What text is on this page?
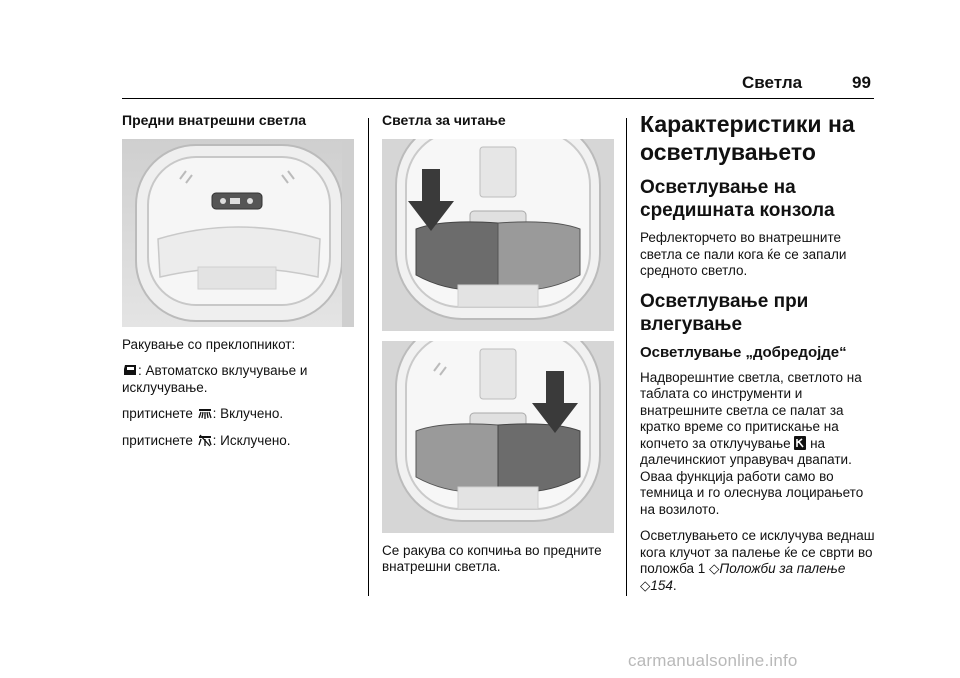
Светла	99
Предни внатрешни светла

Ракување со преклопникот:

: Автоматско вклучување и исклучување.

притиснете : Вклучено.

притиснете : Исклучено.

Светла за читање

Се ракува со копчиња во предните внатрешни светла.

Карактеристики на осветлувањето
Осветлување на средишната конзола

Рефлекторчето во внатрешните светла се пали кога ќе се запали средното светло.

Осветлување при влегување
Осветлување „добредојде“

Надворешнтие светла, светлото на таблата со инструменти и внатрешните светла се палат за кратко време со притискање на копчето за отклучување  на далечинскиот управувач двапати. Оваа функција работи само во темница и го олеснува лоцирањето на возилото.

Осветлувањето се исклучува веднаш кога клучот за палење ќе се сврти во положба 1 ◇Положби за палење ◇154.

carmanualsonline.info
